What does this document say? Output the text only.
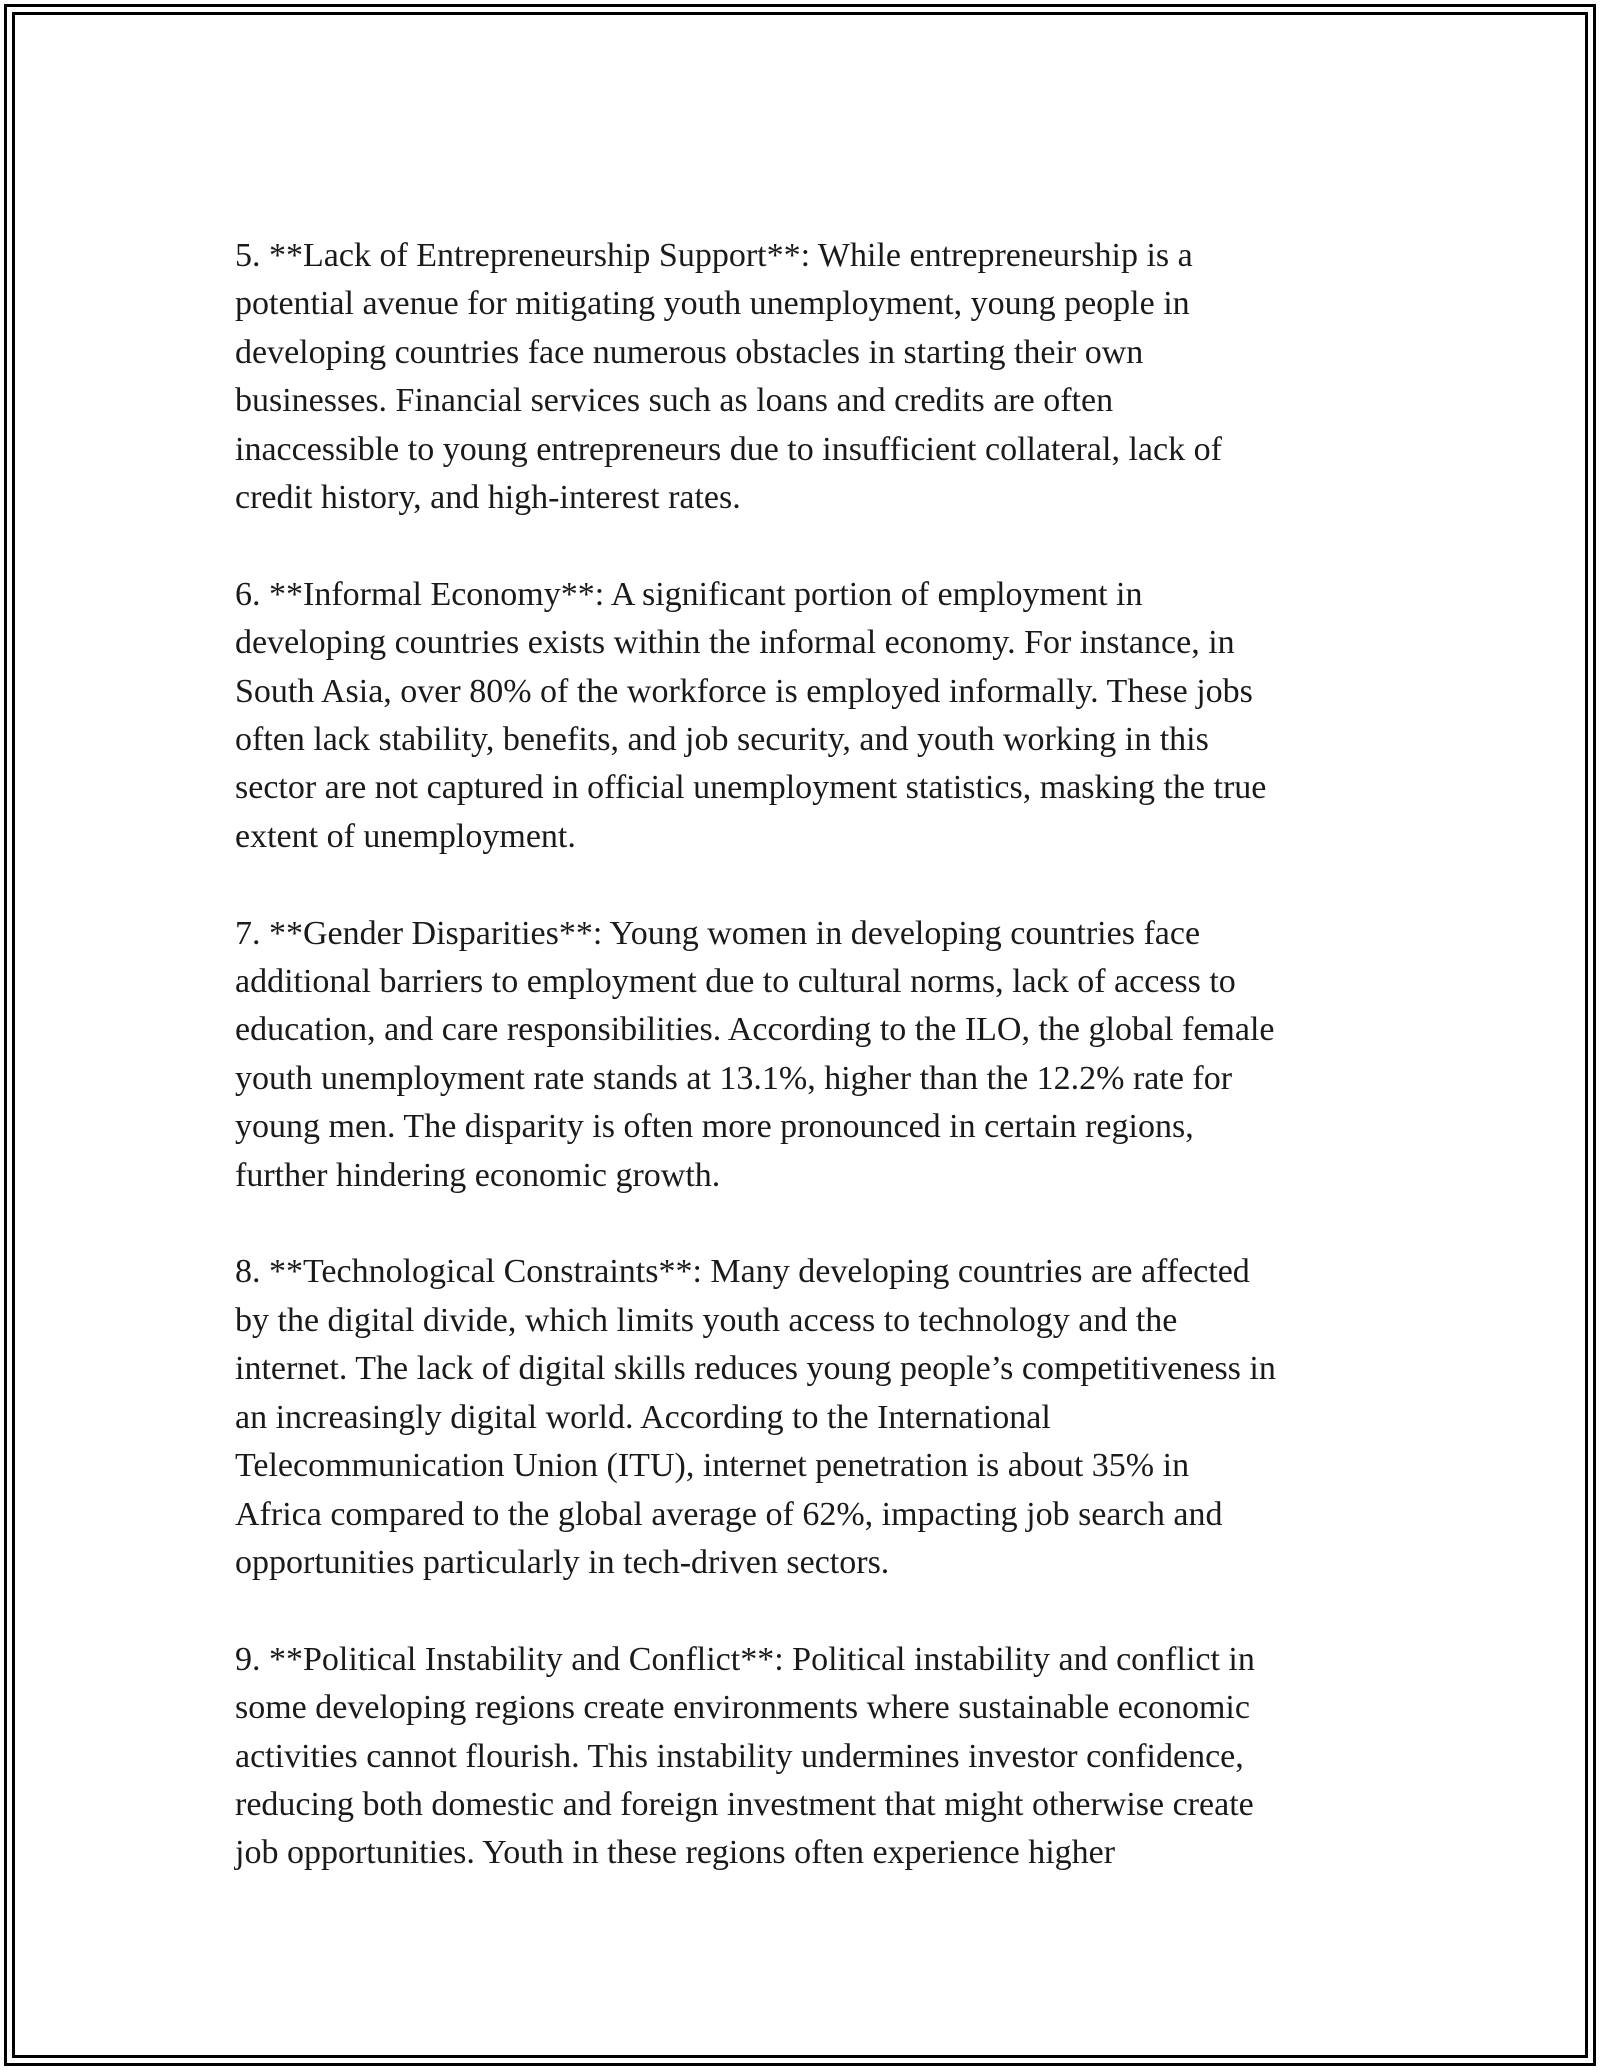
5. **Lack of Entrepreneurship Support**: While entrepreneurship is a
potential avenue for mitigating youth unemployment, young people in
developing countries face numerous obstacles in starting their own
businesses. Financial services such as loans and credits are often
inaccessible to young entrepreneurs due to insufficient collateral, lack of
credit history, and high-interest rates.

6. **Informal Economy**: A significant portion of employment in
developing countries exists within the informal economy. For instance, in
South Asia, over 80% of the workforce is employed informally. These jobs
often lack stability, benefits, and job security, and youth working in this
sector are not captured in official unemployment statistics, masking the true
extent of unemployment.

7. **Gender Disparities**: Young women in developing countries face
additional barriers to employment due to cultural norms, lack of access to
education, and care responsibilities. According to the ILO, the global female
youth unemployment rate stands at 13.1%, higher than the 12.2% rate for
young men. The disparity is often more pronounced in certain regions,
further hindering economic growth.

8. **Technological Constraints**: Many developing countries are affected
by the digital divide, which limits youth access to technology and the
internet. The lack of digital skills reduces young people’s competitiveness in
an increasingly digital world. According to the International
Telecommunication Union (ITU), internet penetration is about 35% in
Africa compared to the global average of 62%, impacting job search and
opportunities particularly in tech-driven sectors.

9. **Political Instability and Conflict**: Political instability and conflict in
some developing regions create environments where sustainable economic
activities cannot flourish. This instability undermines investor confidence,
reducing both domestic and foreign investment that might otherwise create
job opportunities. Youth in these regions often experience higher
